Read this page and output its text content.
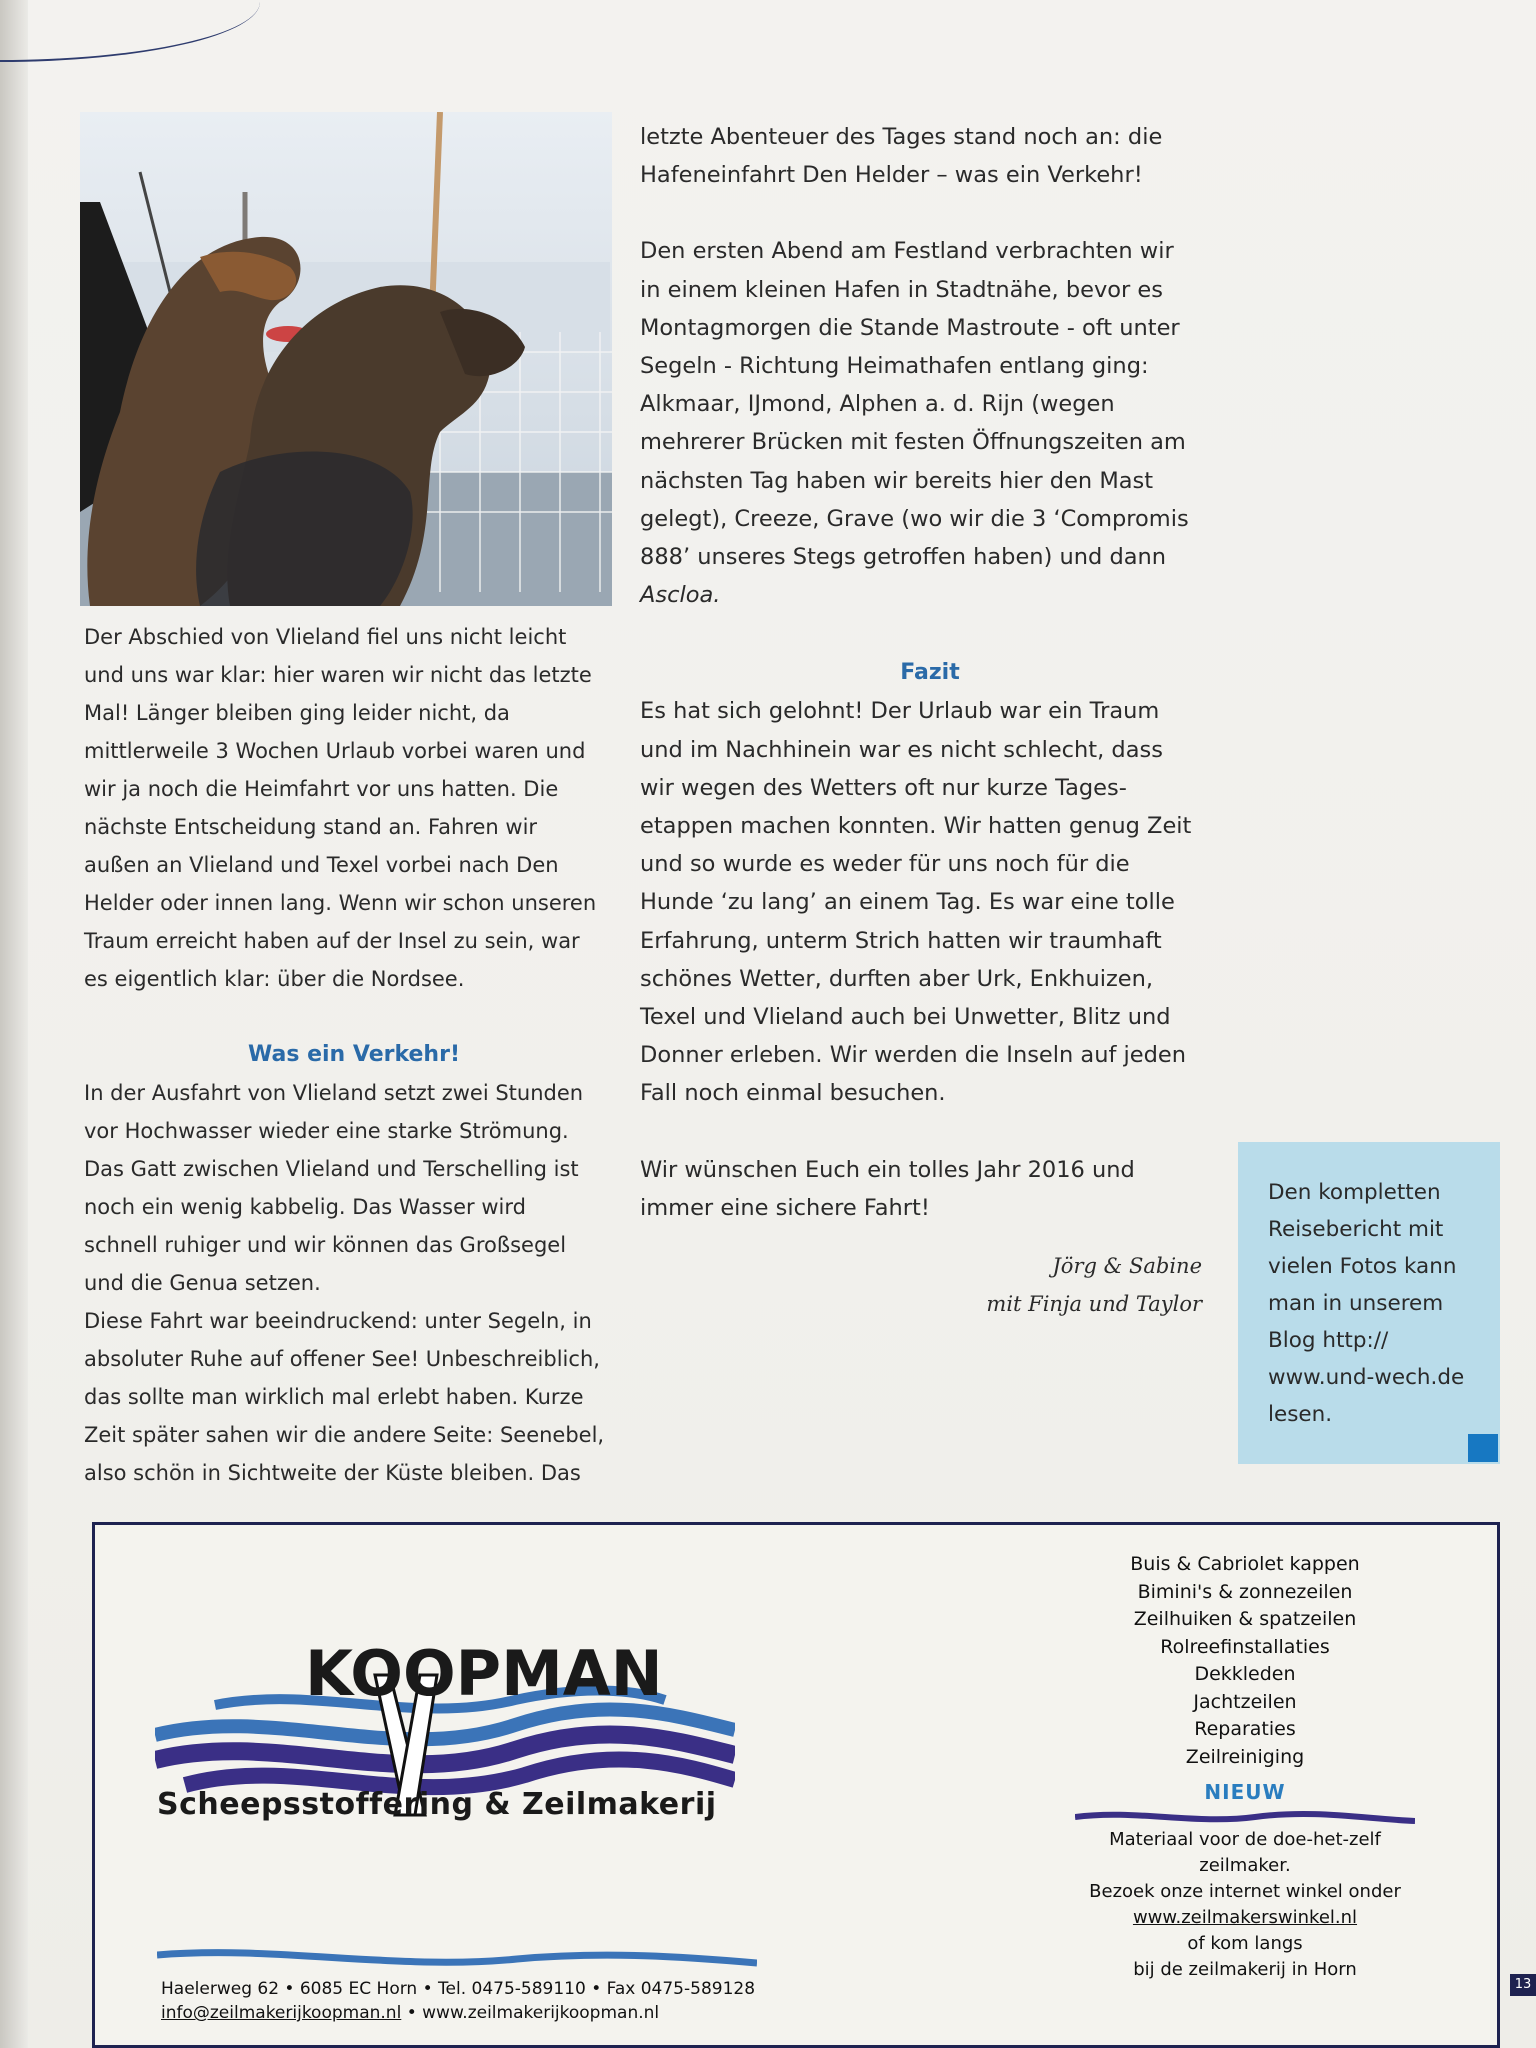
Der Abschied von Vlieland fiel uns nicht leicht

und uns war klar: hier waren wir nicht das letzte

Mal! Länger bleiben ging leider nicht, da

mittlerweile 3 Wochen Urlaub vorbei waren und

wir ja noch die Heimfahrt vor uns hatten. Die

nächste Entscheidung stand an. Fahren wir

außen an Vlieland und Texel vorbei nach Den

Helder oder innen lang. Wenn wir schon unseren

Traum erreicht haben auf der Insel zu sein, war

es eigentlich klar: über die Nordsee.

Was ein Verkehr!

In der Ausfahrt von Vlieland setzt zwei Stunden

vor Hochwasser wieder eine starke Strömung.

Das Gatt zwischen Vlieland und Terschelling ist

noch ein wenig kabbelig. Das Wasser wird

schnell ruhiger und wir können das Großsegel

und die Genua setzen.

Diese Fahrt war beeindruckend: unter Segeln, in

absoluter Ruhe auf offener See! Unbeschreiblich,

das sollte man wirklich mal erlebt haben. Kurze

Zeit später sahen wir die andere Seite: Seenebel,

also schön in Sichtweite der Küste bleiben. Das

letzte Abenteuer des Tages stand noch an: die

Hafeneinfahrt Den Helder – was ein Verkehr!

Den ersten Abend am Festland verbrachten wir

in einem kleinen Hafen in Stadtnähe, bevor es

Montagmorgen die Stande Mastroute - oft unter

Segeln - Richtung Heimathafen entlang ging:

Alkmaar, IJmond, Alphen a. d. Rijn (wegen

mehrerer Brücken mit festen Öffnungszeiten am

nächsten Tag haben wir bereits hier den Mast

gelegt), Creeze, Grave (wo wir die 3 ‘Compromis

888’ unseres Stegs getroffen haben) und dann

Ascloa.

Fazit

Es hat sich gelohnt! Der Urlaub war ein Traum

und im Nachhinein war es nicht schlecht, dass

wir wegen des Wetters oft nur kurze Tages-

etappen machen konnten. Wir hatten genug Zeit

und so wurde es weder für uns noch für die

Hunde ‘zu lang’ an einem Tag. Es war eine tolle

Erfahrung, unterm Strich hatten wir traumhaft

schönes Wetter, durften aber Urk, Enkhuizen,

Texel und Vlieland auch bei Unwetter, Blitz und

Donner erleben. Wir werden die Inseln auf jeden

Fall noch einmal besuchen.

Wir wünschen Euch ein tolles Jahr 2016 und

immer eine sichere Fahrt!

Jörg & Sabine
mit Finja und Taylor

Den kompletten
Reisebericht mit
vielen Fotos kann
man in unserem
Blog http://
www.und-wech.de
lesen.

KOOPMAN
Scheepsstoffering & Zeilmakerij
Haelerweg 62 • 6085 EC Horn • Tel. 0475-589110 • Fax 0475-589128
info@zeilmakerijkoopman.nl • www.zeilmakerijkoopman.nl
Buis & Cabriolet kappen
Bimini's & zonnezeilen
Zeilhuiken & spatzeilen
Rolreefinstallaties
Dekkleden
Jachtzeilen
Reparaties
Zeilreiniging
NIEUW
Materiaal voor de doe-het-zelf
zeilmaker.
Bezoek onze internet winkel onder
www.zeilmakerswinkel.nl
of kom langs
bij de zeilmakerij in Horn
13
